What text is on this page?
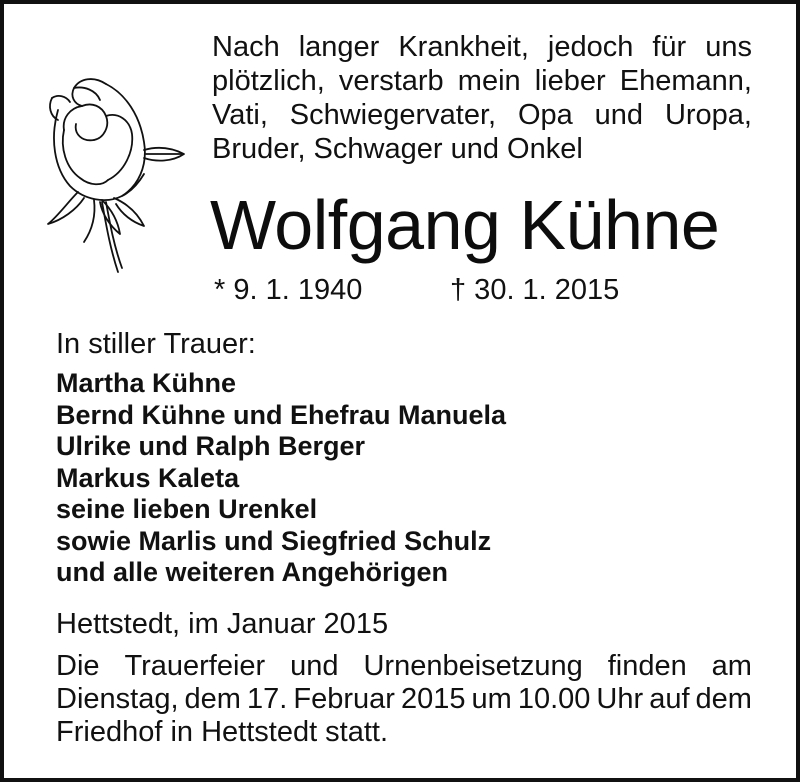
Nach langer Krankheit, jedoch für uns
plötzlich, verstarb mein lieber Ehemann,
Vati, Schwiegervater, Opa und Uropa,
Bruder, Schwager und Onkel
Wolfgang Kühne
* 9. 1. 1940	† 30. 1. 2015
In stiller Trauer:
Martha Kühne
Bernd Kühne und Ehefrau Manuela
Ulrike und Ralph Berger
Markus Kaleta
seine lieben Urenkel
sowie Marlis und Siegfried Schulz
und alle weiteren Angehörigen
Hettstedt, im Januar 2015
Die Trauerfeier und Urnenbeisetzung finden am
Dienstag, dem 17. Februar 2015 um 10.00 Uhr auf dem
Friedhof in Hettstedt statt.
